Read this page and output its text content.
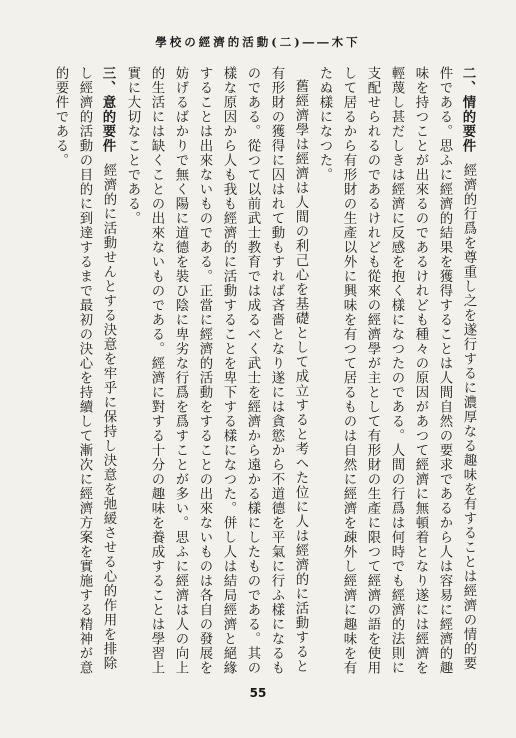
學校の經濟的活動(二)――木下

二、情的要件經濟的行爲を尊重し之を遂行するに濃厚なる趣味を有することは經濟の情的要件である。思ふに經濟的結果を獲得することは人間自然の要求であるから人は容易に經濟的趣味を持つことが出來るのであるけれども種々の原因があつて經濟に無頓着となり遂には經濟を輕蔑し甚だしきは經濟に反感を抱く樣になつたのである。人間の行爲は何時でも經濟的法則に支配せられるのであるけれども從來の經濟學が主として有形財の生產に限つて經濟の語を使用して居るから有形財の生產以外に興味を有つて居るものは自然に經濟を疎外し經濟に趣味を有たぬ樣になつた。

舊經濟學は經濟は人間の利己心を基礎として成立すると考へた位に人は經濟的に活動すると有形財の獲得に囚はれて動もすれば吝嗇となり遂には貪慾から不道德を平氣に行ふ樣になるものである。從つて以前武士教育では成るべく武士を經濟から遠かる樣にしたものである。其の樣な原因から人も我も經濟的に活動することを卑下する樣になつた。併し人は結局經濟と絕緣することは出來ないものである。正當に經濟的活動をすることの出來ないものは各自の發展を妨げるばかりで無く陽に道德を裝ひ陰に卑劣な行爲を爲すことが多い。思ふに經濟は人の向上的生活には缺くことの出來ないものである。經濟に對する十分の趣味を養成することは學習上實に大切なことである。

三、意的要件經濟的に活動せんとする決意を牢乎に保持し決意を弛緩させる心的作用を排除し經濟的活動の目的に到達するまで最初の決心を持續して漸次に經濟方案を實施する精神が意的要件である。

55
